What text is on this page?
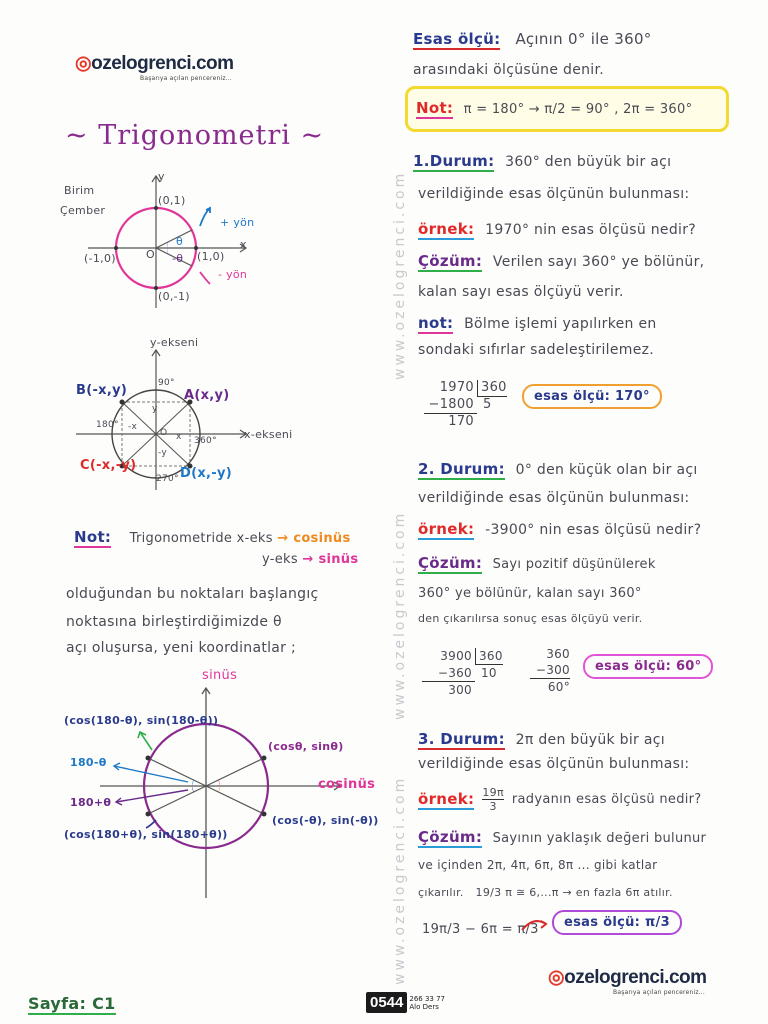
www.ozelogrenci.com
www.ozelogrenci.com
www.ozelogrenci.com
◎ozelogrenci.com
Başarıya açılan pencereniz...
~ Trigonometri ~
Birim
Çember
y
x
(0,1)
(1,0)
(-1,0)
(0,-1)
O
θ
-θ
+ yön
- yön
y-ekseni
x-ekseni
A(x,y)
B(-x,y)
C(-x,-y)
D(x,-y)
90°
180°
270°
360°
x
-x
y
-y
O
Not: Trigonometride x-eks → cosinüs
y-eks → sinüs
olduğundan bu noktaları başlangıç
noktasına birleştirdiğimizde θ
açı oluşursa, yeni koordinatlar ;
sinüs
cosinüs
(cos(180-θ), sin(180-θ))
(cosθ, sinθ)
(cos(-θ), sin(-θ))
(cos(180+θ), sin(180+θ))
180-θ
180+θ
Esas ölçü: Açının 0° ile 360°
arasındaki ölçüsüne denir.
Not: π = 180° → π/2 = 90° , 2π = 360°
1.Durum: 360° den büyük bir açı
verildiğinde esas ölçünün bulunması:
örnek: 1970° nin esas ölçüsü nedir?
Çözüm: Verilen sayı 360° ye bölünür,
kalan sayı esas ölçüyü verir.
not: Bölme işlemi yapılırken en
sondaki sıfırlar sadeleştirilemez.
1970 360
−1800 5
170
esas ölçü: 170°
2. Durum: 0° den küçük olan bir açı
verildiğinde esas ölçünün bulunması:
örnek: -3900° nin esas ölçüsü nedir?
Çözüm: Sayı pozitif düşünülerek
360° ye bölünür, kalan sayı 360°
den çıkarılırsa sonuç esas ölçüyü verir.
3900 360
−360 10
300
360
−300
60°
esas ölçü: 60°
3. Durum: 2π den büyük bir açı
verildiğinde esas ölçünün bulunması:
örnek: $\frac{19\pi}{3}$ radyanın esas ölçüsü nedir?
Çözüm: Sayının yaklaşık değeri bulunur
ve içinden 2π, 4π, 6π, 8π ... gibi katlar
çıkarılır. 19/3 π ≅ 6,...π → en fazla 6π atılır.
19π/3 − 6π = π/3	esas ölçü: π/3
◎ozelogrenci.com
Başarıya açılan pencereniz...
Sayfa: C1	0544 266 33 77
Alo Ders
